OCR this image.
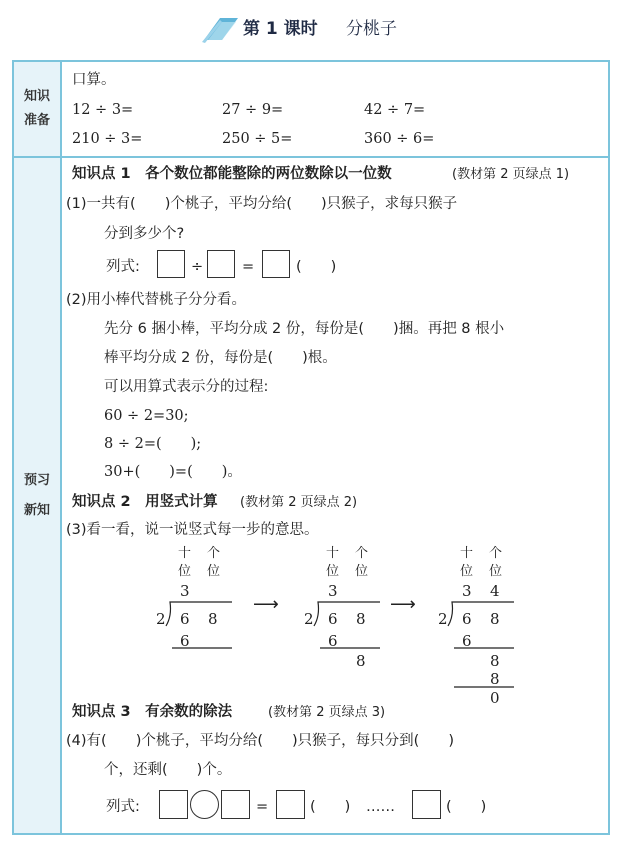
第 1 课时 分桃子
知识
准备
预习
新知
口算。
12 ÷ 3=	27 ÷ 9=	42 ÷ 7=
210 ÷ 3=	250 ÷ 5=	360 ÷ 6=
知识点 1　各个数位都能整除的两位数除以一位数	(教材第 2 页绿点 1)
(1)一共有(　　)个桃子，平均分给(　　)只猴子，求每只猴子
分到多少个?
列式:	÷	=	(　　)
(2)用小棒代替桃子分分看。
先分 6 捆小棒，平均分成 2 份，每份是(　　)捆。再把 8 根小
棒平均分成 2 份，每份是(　　)根。
可以用算式表示分的过程:
60 ÷ 2=30;
8 ÷ 2=(　　);
30+(　　)=(　　)。
知识点 2　用竖式计算 (教材第 2 页绿点 2)
(3)看一看，说一说竖式每一步的意思。
十 个
位 位
3
2 6 8
6
⟶
十 个
位 位
3
2 6 8
6
8
⟶
十 个
位 位
3 4
2 6 8
6
8
8
0
知识点 3　有余数的除法	(教材第 2 页绿点 3)
(4)有(　　)个桃子，平均分给(　　)只猴子，每只分到(　　)
个，还剩(　　)个。
列式:	=	(　　) ……	(　　)
